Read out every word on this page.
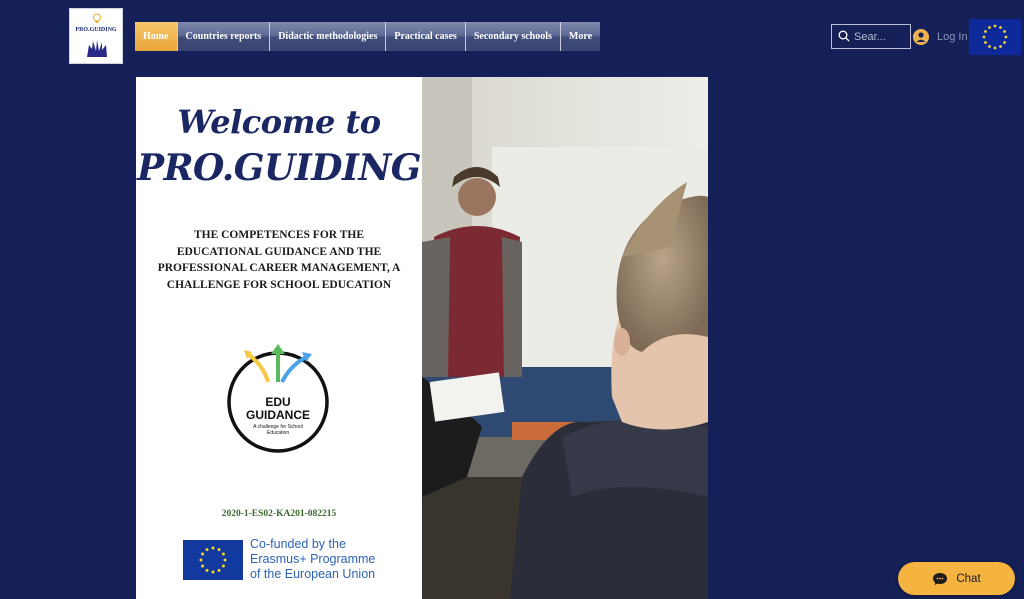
PRO.GUIDING
Home	Countries reports	Didactic methodologies	Practical cases	Secondary schools	More
Sear...	Log In
Welcome to
PRO.GUIDING
THE COMPETENCES FOR THE
EDUCATIONAL GUIDANCE AND THE
PROFESSIONAL CAREER MANAGEMENT, A
CHALLENGE FOR SCHOOL EDUCATION
EDU
GUIDANCE
A challenge for School
Education
2020-1-ES02-KA201-082215
Co-funded by the
Erasmus+ Programme
of the European Union	Chat
